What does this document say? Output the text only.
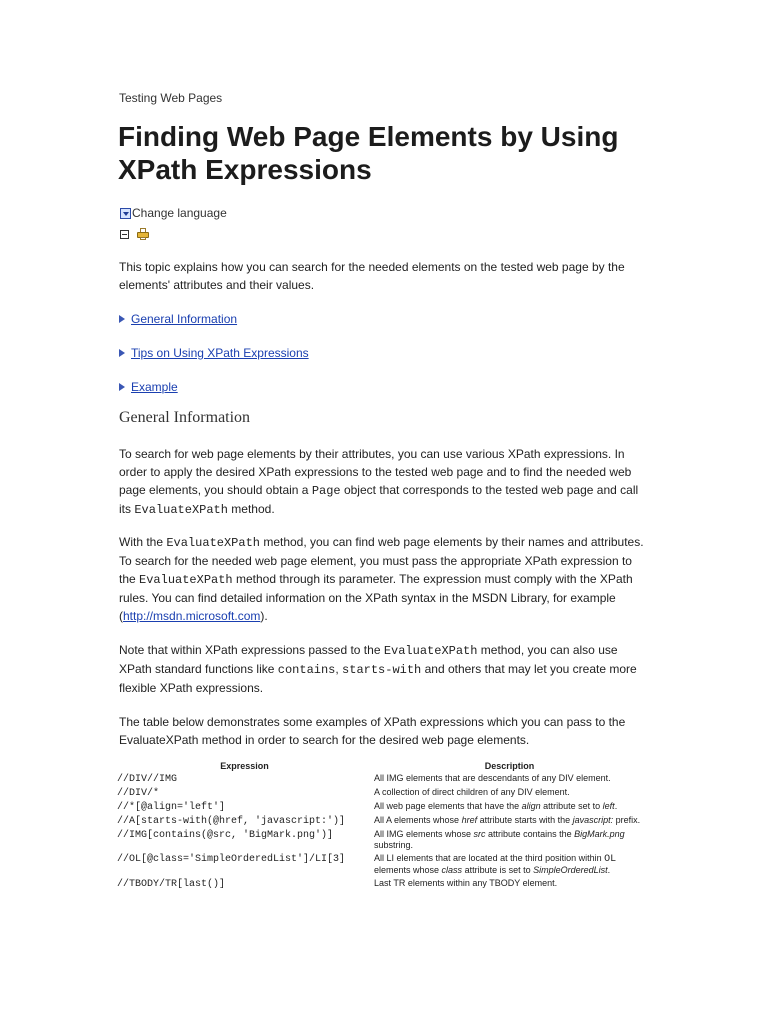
Testing Web Pages
Finding Web Page Elements by Using XPath Expressions
Change language

This topic explains how you can search for the needed elements on the tested web page by the elements' attributes and their values.

General Information
Tips on Using XPath Expressions
Example
General Information

To search for web page elements by their attributes, you can use various XPath expressions. In order to apply the desired XPath expressions to the tested web page and to find the needed web page elements, you should obtain a Page object that corresponds to the tested web page and call its EvaluateXPath method.

With the EvaluateXPath method, you can find web page elements by their names and attributes. To search for the needed web page element, you must pass the appropriate XPath expression to the EvaluateXPath method through its parameter. The expression must comply with the XPath rules. You can find detailed information on the XPath syntax in the MSDN Library, for example (http://msdn.microsoft.com).

Note that within XPath expressions passed to the EvaluateXPath method, you can also use XPath standard functions like contains, starts-with and others that may let you create more flexible XPath expressions.

The table below demonstrates some examples of XPath expressions which you can pass to the EvaluateXPath method in order to search for the desired web page elements.

Expression	Description
//DIV//IMG	All IMG elements that are descendants of any DIV element.
//DIV/*	A collection of direct children of any DIV element.
//*[@align='left']	All web page elements that have the align attribute set to left.
//A[starts-with(@href, 'javascript:')]	All A elements whose href attribute starts with the javascript: prefix.
//IMG[contains(@src, 'BigMark.png')]	All IMG elements whose src attribute contains the BigMark.png substring.
//OL[@class='SimpleOrderedList']/LI[3]	All LI elements that are located at the third position within OL elements whose class attribute is set to SimpleOrderedList.
//TBODY/TR[last()]	Last TR elements within any TBODY element.
